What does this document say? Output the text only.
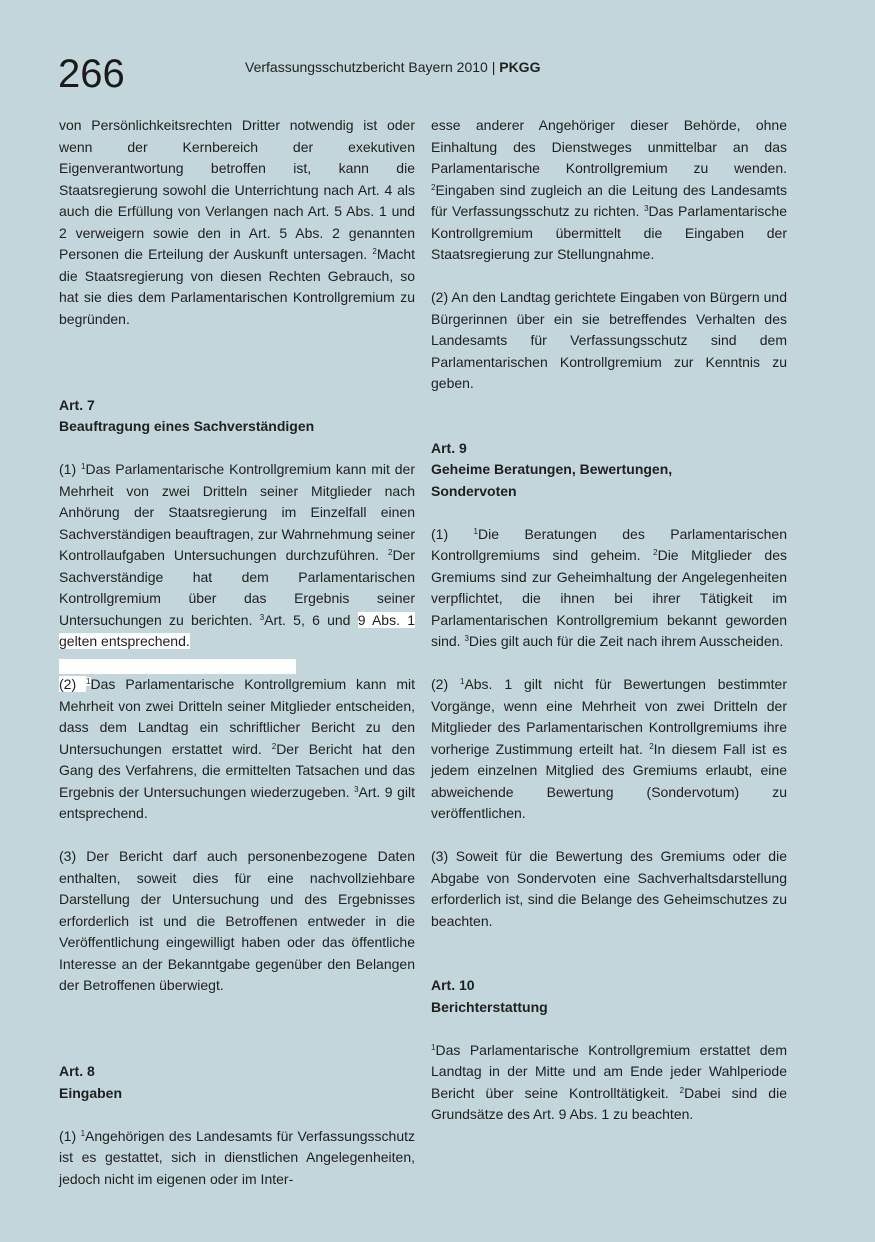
266	Verfassungsschutzbericht Bayern 2010 | PKGG

von Persönlichkeitsrechten Dritter notwendig ist oder wenn der Kernbereich der exekutiven Eigenverantwortung betroffen ist, kann die Staatsregierung sowohl die Unterrichtung nach Art. 4 als auch die Erfüllung von Verlangen nach Art. 5 Abs. 1 und 2 verweigern sowie den in Art. 5 Abs. 2 genannten Personen die Erteilung der Auskunft untersagen. $^2$Macht die Staatsregierung von diesen Rechten Gebrauch, so hat sie dies dem Parlamentarischen Kontrollgremium zu begründen.

Art. 7

Beauftragung eines Sachverständigen

(1) $^1$Das Parlamentarische Kontrollgremium kann mit der Mehrheit von zwei Dritteln seiner Mitglieder nach Anhörung der Staatsregierung im Einzelfall einen Sachverständigen beauftragen, zur Wahrnehmung seiner Kontrollaufgaben Untersuchungen durchzuführen. $^2$Der Sachverständige hat dem Parlamentarischen Kontrollgremium über das Ergebnis seiner Untersuchungen zu berichten. $^3$Art. 5, 6 und 9 Abs. 1 gelten entsprechend.

(2) $^1$Das Parlamentarische Kontrollgremium kann mit Mehrheit von zwei Dritteln seiner Mitglieder entscheiden, dass dem Landtag ein schriftlicher Bericht zu den Untersuchungen erstattet wird. $^2$Der Bericht hat den Gang des Verfahrens, die ermittelten Tatsachen und das Ergebnis der Untersuchungen wiederzugeben. $^3$Art. 9 gilt entsprechend.

(3) Der Bericht darf auch personenbezogene Daten enthalten, soweit dies für eine nachvollziehbare Darstellung der Untersuchung und des Ergebnisses erforderlich ist und die Betroffenen entweder in die Veröffentlichung eingewilligt haben oder das öffentliche Interesse an der Bekanntgabe gegenüber den Belangen der Betroffenen überwiegt.

Art. 8

Eingaben

(1) $^1$Angehörigen des Landesamts für Verfassungsschutz ist es gestattet, sich in dienstlichen Angelegenheiten, jedoch nicht im eigenen oder im Inter-

esse anderer Angehöriger dieser Behörde, ohne Einhaltung des Dienstweges unmittelbar an das Parlamentarische Kontrollgremium zu wenden. $^2$Eingaben sind zugleich an die Leitung des Landesamts für Verfassungsschutz zu richten. $^3$Das Parlamentarische Kontrollgremium übermittelt die Eingaben der Staatsregierung zur Stellungnahme.

(2) An den Landtag gerichtete Eingaben von Bürgern und Bürgerinnen über ein sie betreffendes Verhalten des Landesamts für Verfassungsschutz sind dem Parlamentarischen Kontrollgremium zur Kenntnis zu geben.

Art. 9

Geheime Beratungen, Bewertungen,

Sondervoten

(1) $^1$Die Beratungen des Parlamentarischen Kontrollgremiums sind geheim. $^2$Die Mitglieder des Gremiums sind zur Geheimhaltung der Angelegenheiten verpflichtet, die ihnen bei ihrer Tätigkeit im Parlamentarischen Kontrollgremium bekannt geworden sind. $^3$Dies gilt auch für die Zeit nach ihrem Ausscheiden.

(2) $^1$Abs. 1 gilt nicht für Bewertungen bestimmter Vorgänge, wenn eine Mehrheit von zwei Dritteln der Mitglieder des Parlamentarischen Kontrollgremiums ihre vorherige Zustimmung erteilt hat. $^2$In diesem Fall ist es jedem einzelnen Mitglied des Gremiums erlaubt, eine abweichende Bewertung (Sondervotum) zu veröffentlichen.

(3) Soweit für die Bewertung des Gremiums oder die Abgabe von Sondervoten eine Sachverhaltsdarstellung erforderlich ist, sind die Belange des Geheimschutzes zu beachten.

Art. 10

Berichterstattung

$^1$Das Parlamentarische Kontrollgremium erstattet dem Landtag in der Mitte und am Ende jeder Wahlperiode Bericht über seine Kontrolltätigkeit. $^2$Dabei sind die Grundsätze des Art. 9 Abs. 1 zu beachten.
